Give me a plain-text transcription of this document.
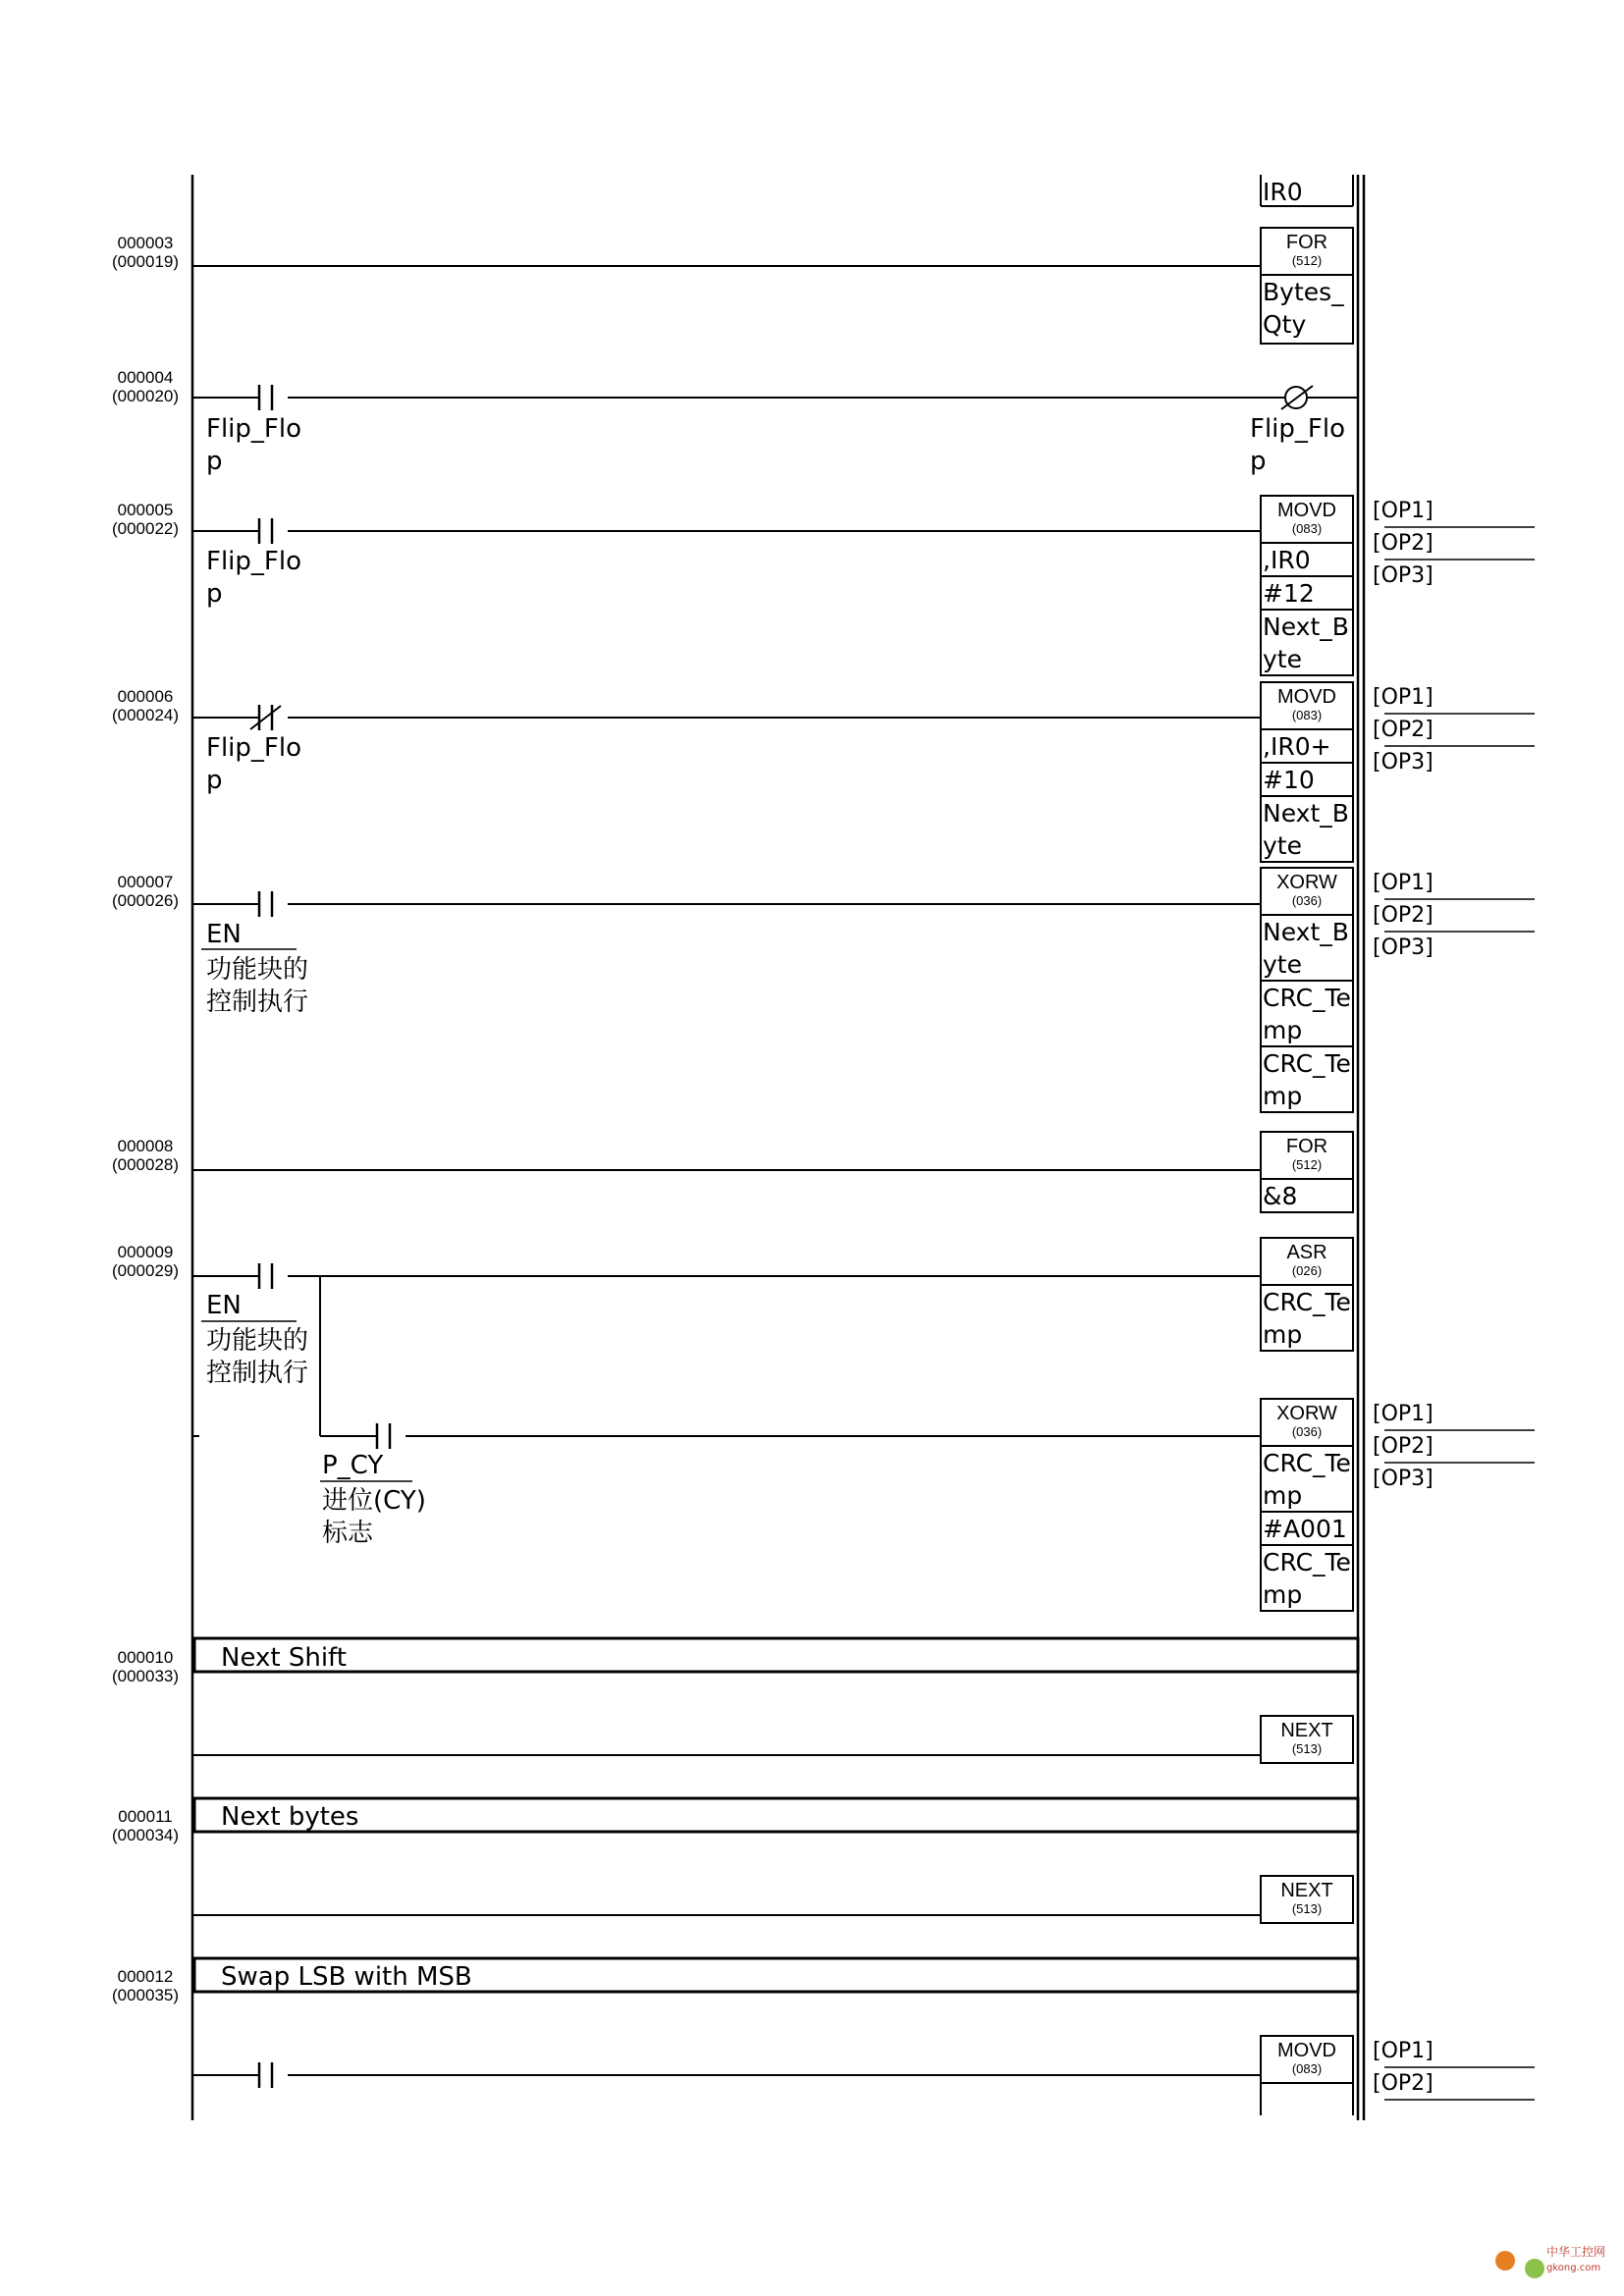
IR0
000003
(000019)
FOR
(512)
Bytes_
Qty
000004
(000020)
Flip_Flo
p
Flip_Flo
p
000005
(000022)
Flip_Flo
p
MOVD
(083)
,IR0
#12
Next_B
yte
[OP1]
[OP2]
[OP3]
000006
(000024)
Flip_Flo
p
MOVD
(083)
,IR0+
#10
Next_B
yte
[OP1]
[OP2]
[OP3]
000007
(000026)
EN
功能块的
控制执行
XORW
(036)
Next_B
yte
CRC_Te
mp
CRC_Te
mp
[OP1]
[OP2]
[OP3]
000008
(000028)
FOR
(512)
&8
000009
(000029)
EN
功能块的
控制执行
ASR
(026)
CRC_Te
mp
P_CY
进位(CY)
标志
XORW
(036)
CRC_Te
mp
#A001
CRC_Te
mp
[OP1]
[OP2]
[OP3]
000010
(000033)
Next Shift
NEXT
(513)
000011
(000034)
Next bytes
NEXT
(513)
000012
(000035)
Swap LSB with MSB
MOVD
(083)
[OP1]
[OP2]
中华工控网
gkong.com
